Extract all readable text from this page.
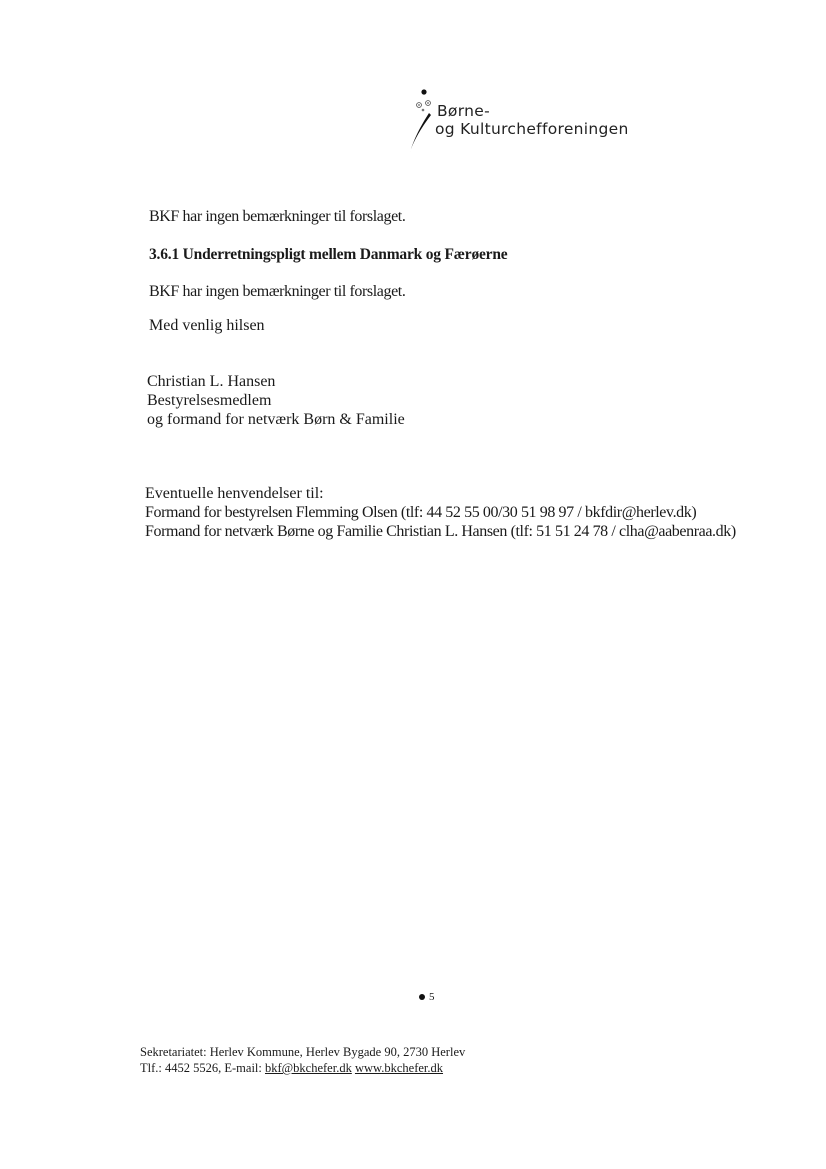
Børne-
og Kulturchefforeningen
BKF har ingen bemærkninger til forslaget.
3.6.1 Underretningspligt mellem Danmark og Færøerne
BKF har ingen bemærkninger til forslaget.
Med venlig hilsen
Christian L. Hansen
Bestyrelsesmedlem
og formand for netværk Børn & Familie
Eventuelle henvendelser til:
Formand for bestyrelsen Flemming Olsen (tlf: 44 52 55 00/30 51 98 97 / bkfdir@herlev.dk)
Formand for netværk Børne og Familie Christian L. Hansen (tlf: 51 51 24 78 / clha@aabenraa.dk)
5
Sekretariatet: Herlev Kommune, Herlev Bygade 90, 2730 Herlev
Tlf.: 4452 5526, E-mail: bkf@bkchefer.dk www.bkchefer.dk
